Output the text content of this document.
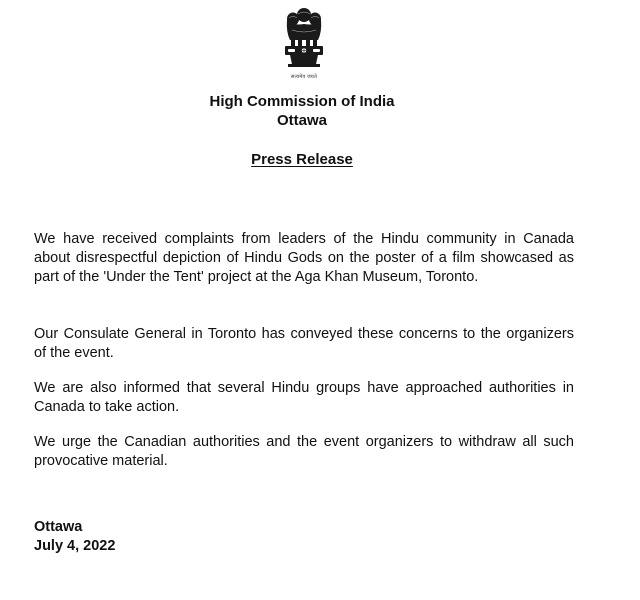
सत्यमेव जयते
High Commission of India
Ottawa
Press Release

We have received complaints from leaders of the Hindu community in Canada about disrespectful depiction of Hindu Gods on the poster of a film showcased as part of the 'Under the Tent' project at the Aga Khan Museum, Toronto.

Our Consulate General in Toronto has conveyed these concerns to the organizers of the event.

We are also informed that several Hindu groups have approached authorities in Canada to take action.

We urge the Canadian authorities and the event organizers to withdraw all such provocative material.

Ottawa
July 4, 2022
